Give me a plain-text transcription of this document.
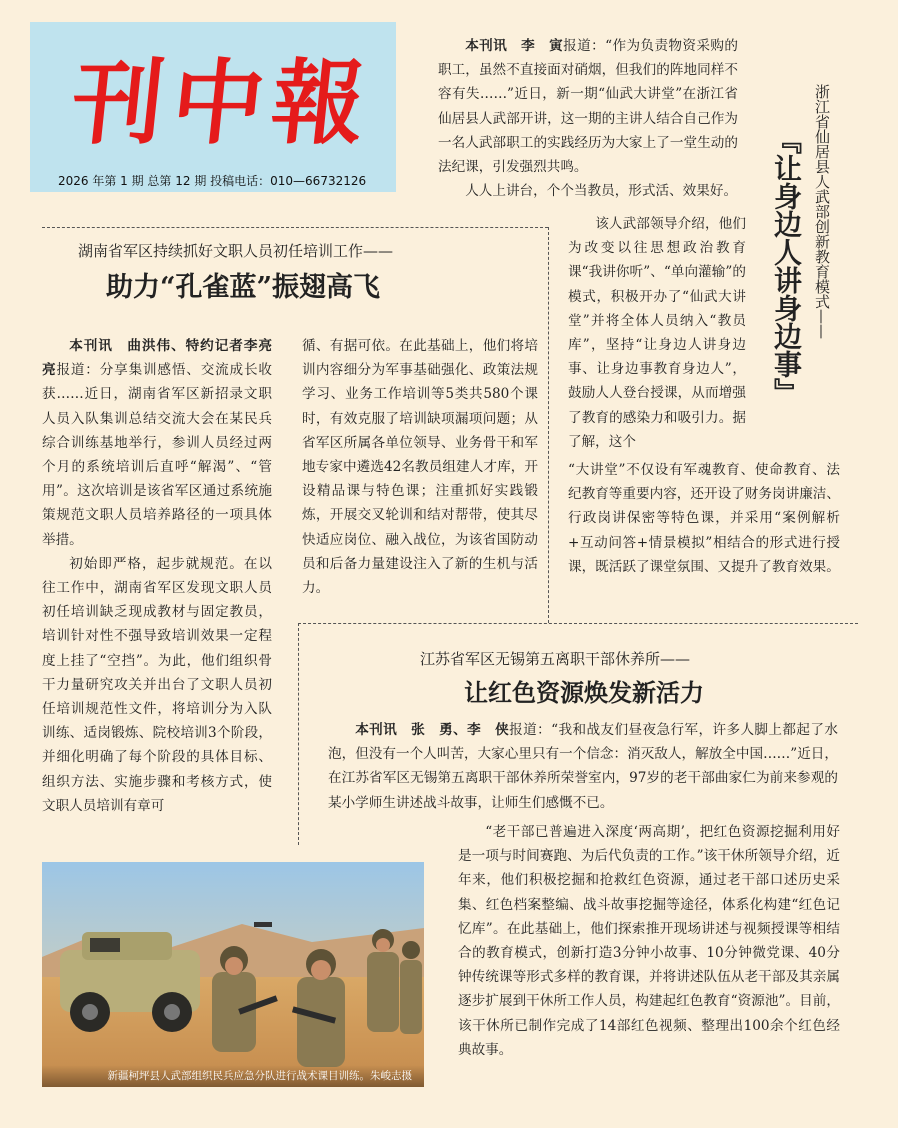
刊中報
2026 年第 1 期 总第 12 期 投稿电话：010—66732126

本刊讯　李　寅报道：“作为负责物资采购的职工，虽然不直接面对硝烟，但我们的阵地同样不容有失……”近日，新一期“仙武大讲堂”在浙江省仙居县人武部开讲，这一期的主讲人结合自己作为一名人武部职工的实践经历为大家上了一堂生动的法纪课，引发强烈共鸣。

人人上讲台，个个当教员，形式活、效果好。

该人武部领导介绍，他们为改变以往思想政治教育课“我讲你听”、“单向灌输”的模式，积极开办了“仙武大讲堂”并将全体人员纳入“教员库”，坚持“让身边人讲身边事、让身边事教育身边人”，鼓励人人登台授课，从而增强了教育的感染力和吸引力。据了解，这个

“大讲堂”不仅设有军魂教育、使命教育、法纪教育等重要内容，还开设了财务岗讲廉洁、行政岗讲保密等特色课，并采用“案例解析+互动问答+情景模拟”相结合的形式进行授课，既活跃了课堂氛围、又提升了教育效果。

浙江省仙居县人武部创新教育模式——
『让身边人讲身边事』
湖南省军区持续抓好文职人员初任培训工作——
助力“孔雀蓝”振翅高飞

本刊讯　曲洪伟、特约记者李亮亮报道：分享集训感悟、交流成长收获……近日，湖南省军区新招录文职人员入队集训总结交流大会在某民兵综合训练基地举行，参训人员经过两个月的系统培训后直呼“解渴”、“管用”。这次培训是该省军区通过系统施策规范文职人员培养路径的一项具体举措。

初始即严格，起步就规范。在以往工作中，湖南省军区发现文职人员初任培训缺乏现成教材与固定教员，培训针对性不强导致培训效果一定程度上挂了“空挡”。为此，他们组织骨干力量研究攻关并出台了文职人员初任培训规范性文件，将培训分为入队训练、适岗锻炼、院校培训3个阶段，并细化明确了每个阶段的具体目标、组织方法、实施步骤和考核方式，使文职人员培训有章可

循、有据可依。在此基础上，他们将培训内容细分为军事基础强化、政策法规学习、业务工作培训等5类共580个课时，有效克服了培训缺项漏项问题；从省军区所属各单位领导、业务骨干和军地专家中遴选42名教员组建人才库，开设精品课与特色课；注重抓好实践锻炼，开展交叉轮训和结对帮带，使其尽快适应岗位、融入战位，为该省国防动员和后备力量建设注入了新的生机与活力。

江苏省军区无锡第五离职干部休养所——
让红色资源焕发新活力

本刊讯　张　勇、李　侠报道：“我和战友们昼夜急行军，许多人脚上都起了水泡，但没有一个人叫苦，大家心里只有一个信念：消灭敌人，解放全中国……”近日，在江苏省军区无锡第五离职干部休养所荣誉室内，97岁的老干部曲家仁为前来参观的某小学师生讲述战斗故事，让师生们感慨不已。

“老干部已普遍进入深度‘两高期’，把红色资源挖掘利用好是一项与时间赛跑、为后代负责的工作。”该干休所领导介绍，近年来，他们积极挖掘和抢救红色资源，通过老干部口述历史采集、红色档案整编、战斗故事挖掘等途径，体系化构建“红色记忆库”。在此基础上，他们探索推开现场讲述与视频授课等相结合的教育模式，创新打造3分钟小故事、10分钟微党课、40分钟传统课等形式多样的教育课，并将讲述队伍从老干部及其亲属逐步扩展到干休所工作人员，构建起红色教育“资源池”。目前，该干休所已制作完成了14部红色视频、整理出100余个红色经典故事。

新疆柯坪县人武部组织民兵应急分队进行战术课目训练。朱峻志摄
